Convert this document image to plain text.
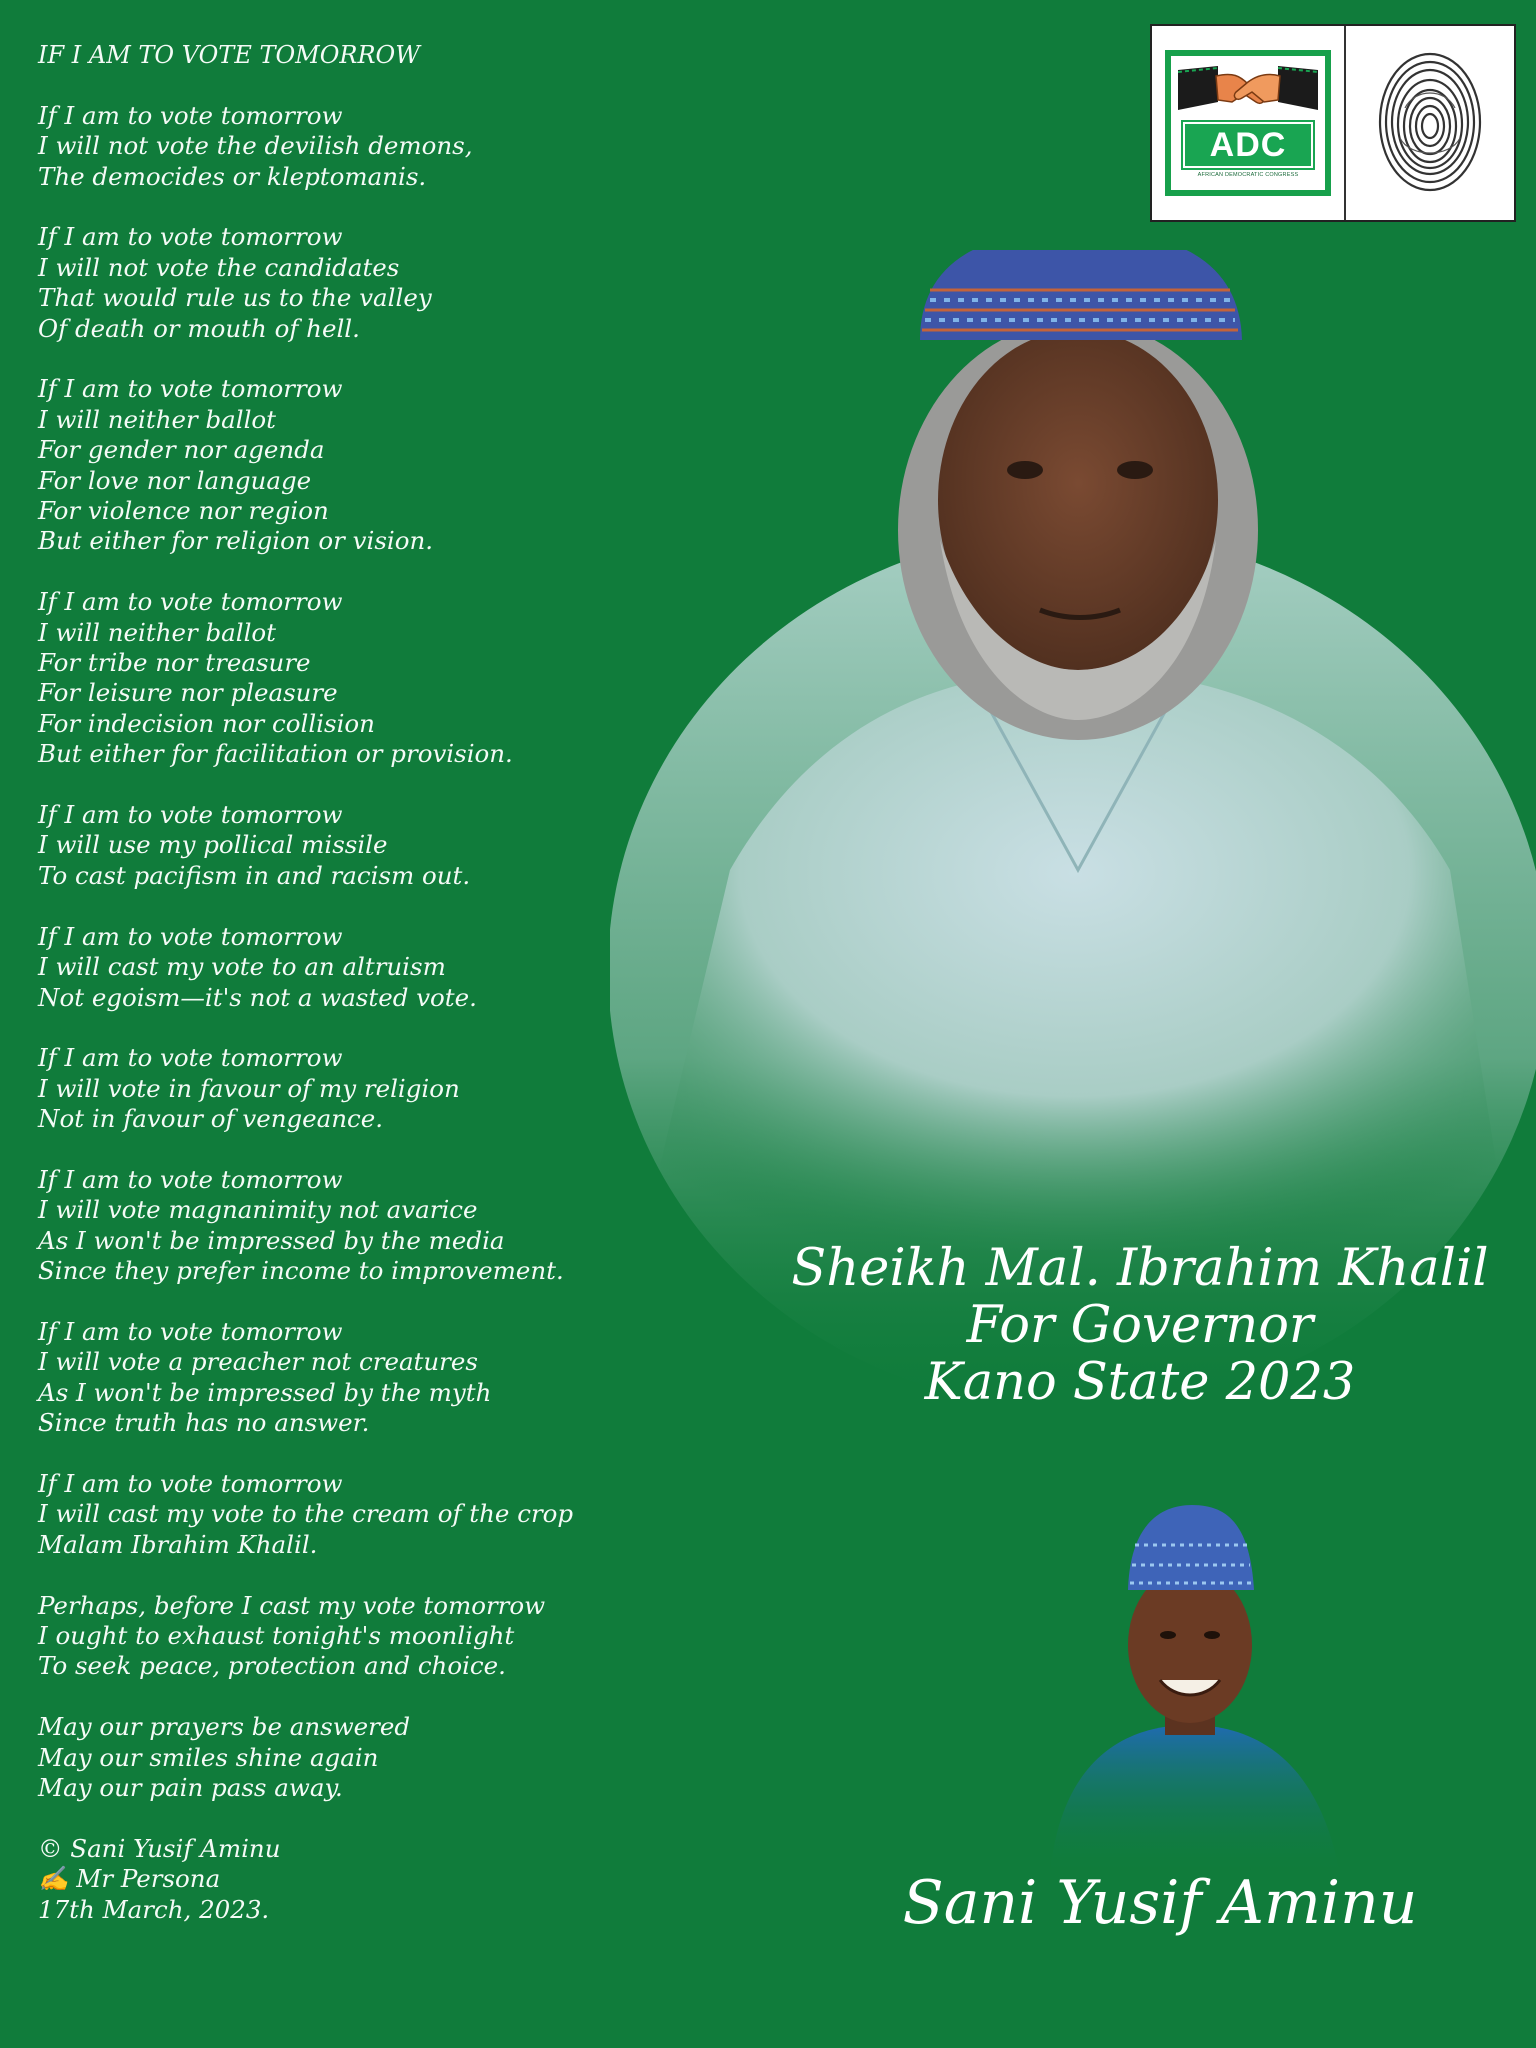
IF I AM TO VOTE TOMORROW
If I am to vote tomorrow
I will not vote the devilish demons,
The democides or kleptomanis.
If I am to vote tomorrow
I will not vote the candidates
That would rule us to the valley
Of death or mouth of hell.
If I am to vote tomorrow
I will neither ballot
For gender nor agenda
For love nor language
For violence nor region
But either for religion or vision.
If I am to vote tomorrow
I will neither ballot
For tribe nor treasure
For leisure nor pleasure
For indecision nor collision
But either for facilitation or provision.
If I am to vote tomorrow
I will use my pollical missile
To cast pacifism in and racism out.
If I am to vote tomorrow
I will cast my vote to an altruism
Not egoism—it's not a wasted vote.
If I am to vote tomorrow
I will vote in favour of my religion
Not in favour of vengeance.
If I am to vote tomorrow
I will vote magnanimity not avarice
As I won't be impressed by the media
Since they prefer income to improvement.
If I am to vote tomorrow
I will vote a preacher not creatures
As I won't be impressed by the myth
Since truth has no answer.
If I am to vote tomorrow
I will cast my vote to the cream of the crop
Malam Ibrahim Khalil.
Perhaps, before I cast my vote tomorrow
I ought to exhaust tonight's moonlight
To seek peace, protection and choice.
May our prayers be answered
May our smiles shine again
May our pain pass away.
© Sani Yusif Aminu
✍ Mr Persona
17th March, 2023.
ADC
AFRICAN DEMOCRATIC CONGRESS
Sheikh Mal. Ibrahim Khalil
For Governor
Kano State 2023
Sani Yusif Aminu
